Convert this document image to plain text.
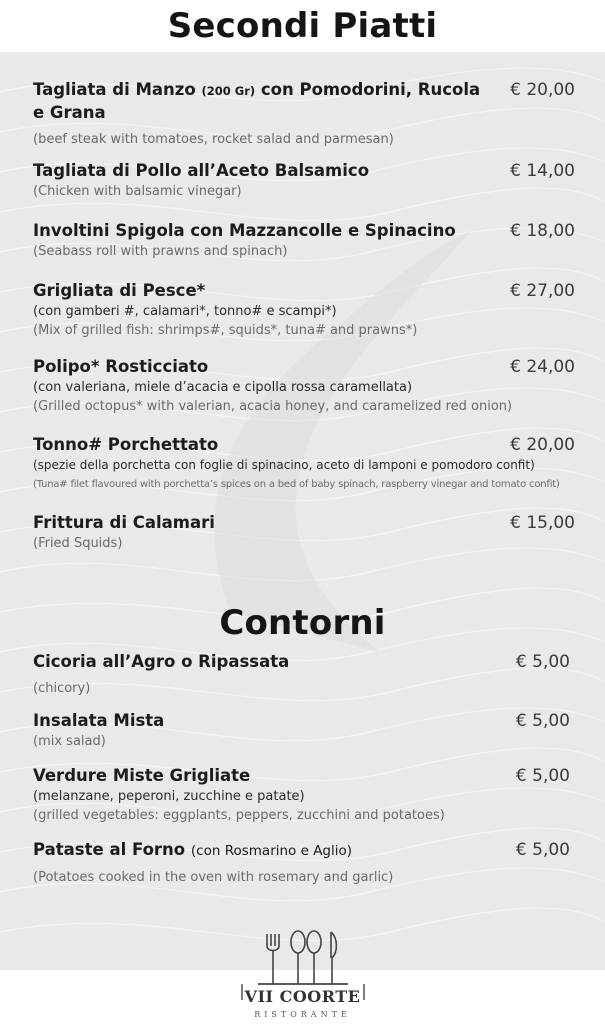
Secondi Piatti
Tagliata di Manzo (200 Gr) con Pomodorini, Rucola e Grana
€ 20,00
(beef steak with tomatoes, rocket salad and parmesan)
Tagliata di Pollo all’Aceto Balsamico	€ 14,00
(Chicken with balsamic vinegar)
Involtini Spigola con Mazzancolle e Spinacino	€ 18,00
(Seabass roll with prawns and spinach)
Grigliata di Pesce*	€ 27,00
(con gamberi #, calamari*, tonno# e scampi*)
(Mix of grilled fish: shrimps#, squids*, tuna# and prawns*)
Polipo* Rosticciato	€ 24,00
(con valeriana, miele d’acacia e cipolla rossa caramellata)
(Grilled octopus* with valerian, acacia honey, and caramelized red onion)
Tonno# Porchettato	€ 20,00
(spezie della porchetta con foglie di spinacino, aceto di lamponi e pomodoro confit)
(Tuna# filet flavoured with porchetta’s spices on a bed of baby spinach, raspberry vinegar and tomato confit)
Frittura di Calamari	€ 15,00
(Fried Squids)
Contorni
Cicoria all’Agro o Ripassata	€ 5,00
(chicory)
Insalata Mista	€ 5,00
(mix salad)
Verdure Miste Grigliate	€ 5,00
(melanzane, peperoni, zucchine e patate)
(grilled vegetables: eggplants, peppers, zucchini and potatoes)
Pataste al Forno (con Rosmarino e Aglio)	€ 5,00
(Potatoes cooked in the oven with rosemary and garlic)
VII COORTE
RISTORANTE
